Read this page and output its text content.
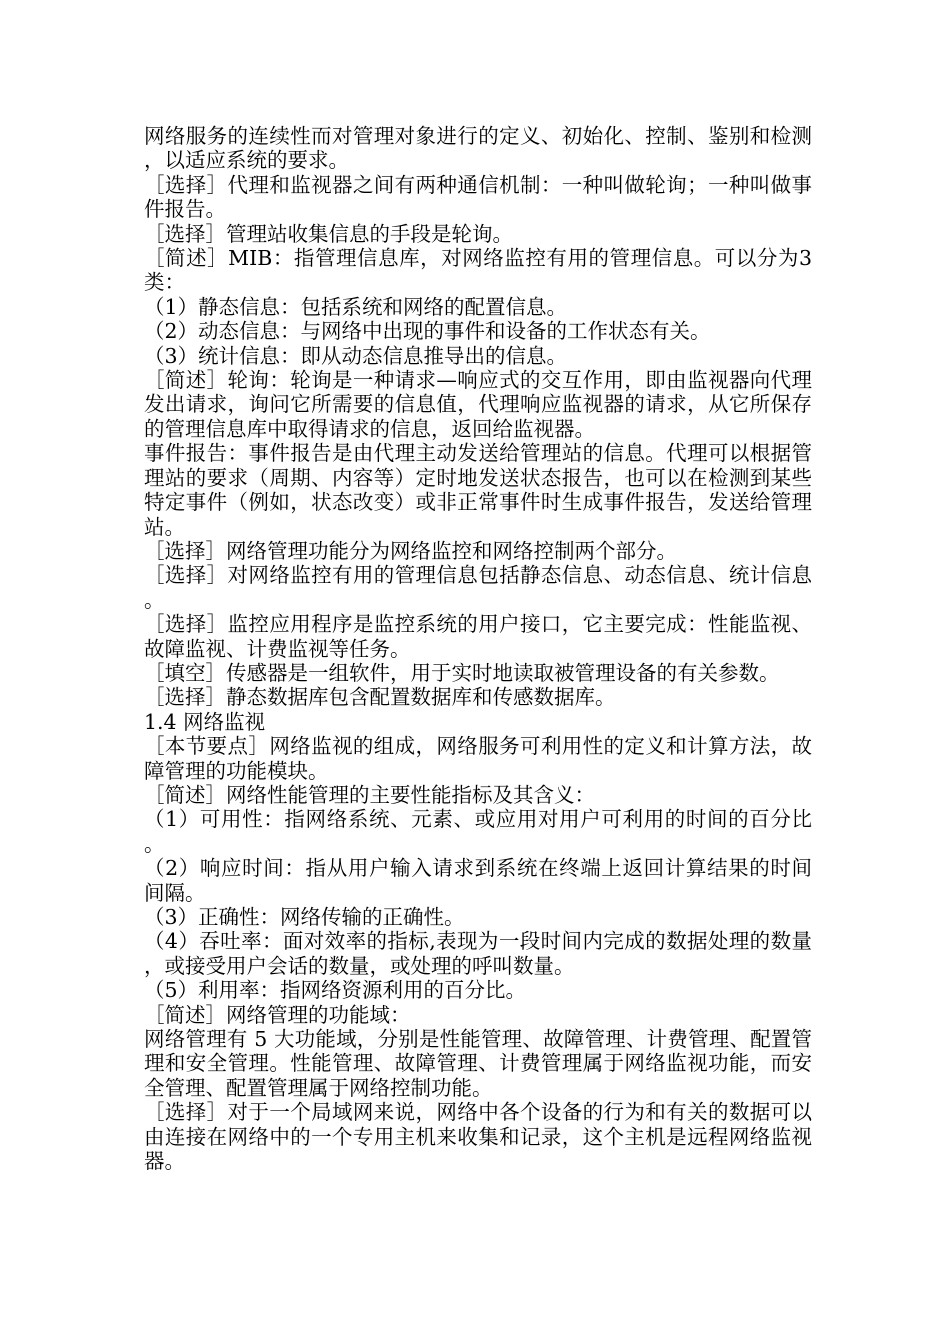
网络服务的连续性而对管理对象进行的定义、初始化、控制、鉴别和检测，以适应系统的要求。

［选择］代理和监视器之间有两种通信机制：一种叫做轮询；一种叫做事件报告。

［选择］管理站收集信息的手段是轮询。

［简述］MIB：指管理信息库，对网络监控有用的管理信息。可以分为3类：

（1）静态信息：包括系统和网络的配置信息。

（2）动态信息：与网络中出现的事件和设备的工作状态有关。

（3）统计信息：即从动态信息推导出的信息。

［简述］轮询：轮询是一种请求—响应式的交互作用，即由监视器向代理发出请求，询问它所需要的信息值，代理响应监视器的请求，从它所保存的管理信息库中取得请求的信息，返回给监视器。

事件报告：事件报告是由代理主动发送给管理站的信息。代理可以根据管理站的要求（周期、内容等）定时地发送状态报告，也可以在检测到某些特定事件（例如，状态改变）或非正常事件时生成事件报告，发送给管理站。

［选择］网络管理功能分为网络监控和网络控制两个部分。

［选择］对网络监控有用的管理信息包括静态信息、动态信息、统计信息。

［选择］监控应用程序是监控系统的用户接口，它主要完成：性能监视、故障监视、计费监视等任务。

［填空］传感器是一组软件，用于实时地读取被管理设备的有关参数。

［选择］静态数据库包含配置数据库和传感数据库。

1.4 网络监视

［本节要点］网络监视的组成，网络服务可利用性的定义和计算方法，故障管理的功能模块。

［简述］网络性能管理的主要性能指标及其含义：

（1）可用性：指网络系统、元素、或应用对用户可利用的时间的百分比。

（2）响应时间：指从用户输入请求到系统在终端上返回计算结果的时间间隔。

（3）正确性：网络传输的正确性。

（4）吞吐率：面对效率的指标,表现为一段时间内完成的数据处理的数量，或接受用户会话的数量，或处理的呼叫数量。

（5）利用率：指网络资源利用的百分比。

［简述］网络管理的功能域：

网络管理有 5 大功能域，分别是性能管理、故障管理、计费管理、配置管理和安全管理。性能管理、故障管理、计费管理属于网络监视功能，而安全管理、配置管理属于网络控制功能。

［选择］对于一个局域网来说，网络中各个设备的行为和有关的数据可以由连接在网络中的一个专用主机来收集和记录，这个主机是远程网络监视器。
